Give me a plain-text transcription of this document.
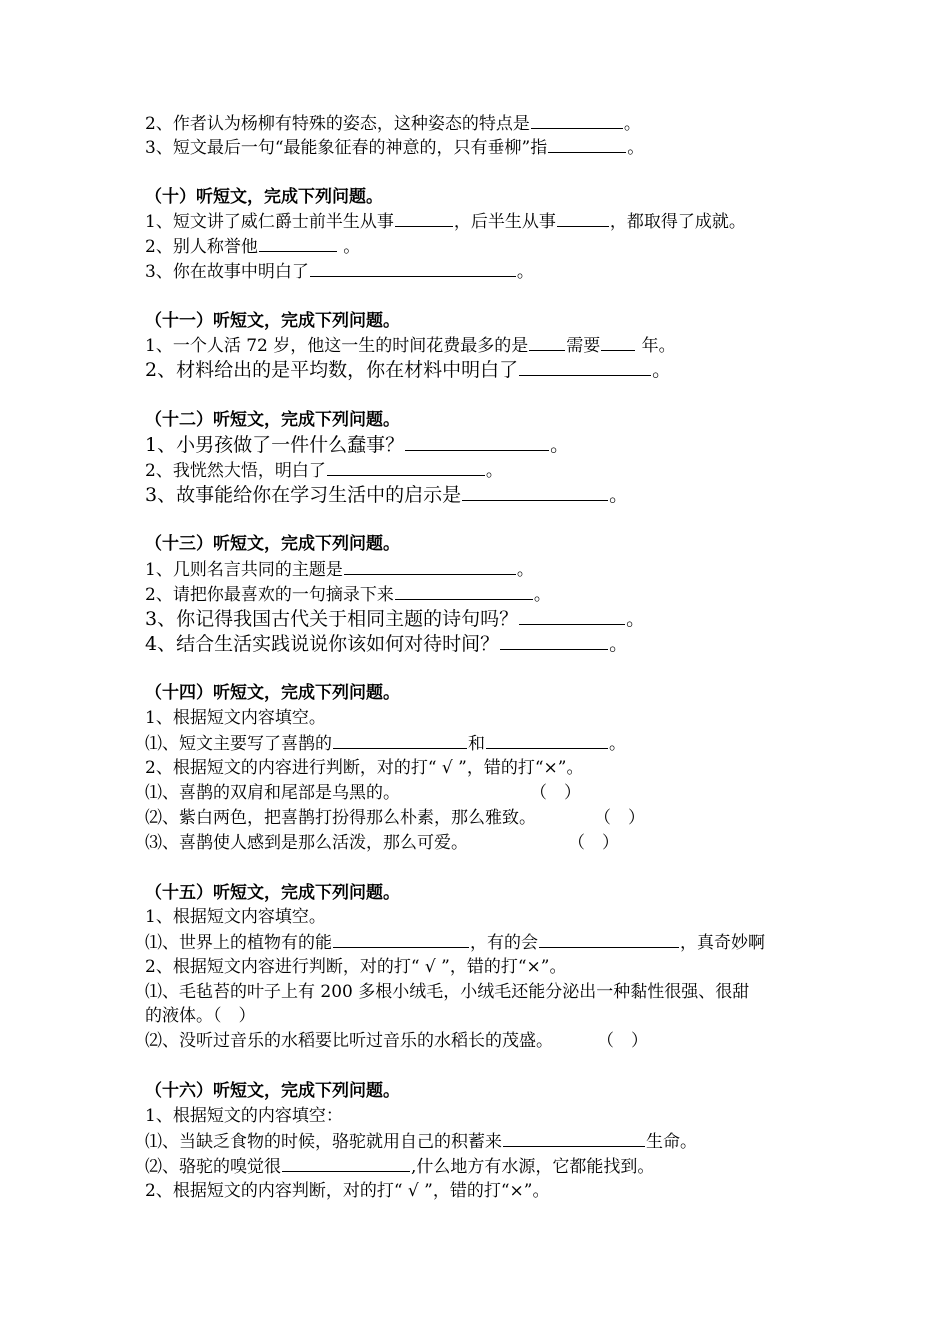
2、作者认为杨柳有特殊的姿态，这种姿态的特点是	。
3、短文最后一句“最能象征春的神意的，只有垂柳”指	。
（十）听短文，完成下列问题。
1、短文讲了威仁爵士前半生从事	，后半生从事	，都取得了成就。
2、别人称誉他	。
3、你在故事中明白了	。
（十一）听短文，完成下列问题。
1、一个人活 72 岁，他这一生的时间花费最多的是 需要 年。
2、材料给出的是平均数，你在材料中明白了	。
（十二）听短文，完成下列问题。
1、小男孩做了一件什么蠢事？	。
2、我恍然大悟，明白了	。
3、故事能给你在学习生活中的启示是	。
（十三）听短文，完成下列问题。
1、几则名言共同的主题是	。
2、请把你最喜欢的一句摘录下来	。
3、你记得我国古代关于相同主题的诗句吗？	。
4、结合生活实践说说你该如何对待时间？	。
（十四）听短文，完成下列问题。
1、根据短文内容填空。
⑴、短文主要写了喜鹊的	和	。
2、根据短文的内容进行判断，对的打“ √ ”，错的打“×”。
⑴、喜鹊的双肩和尾部是乌黑的。	（　）
⑵、紫白两色，把喜鹊打扮得那么朴素，那么雅致。	（　）
⑶、喜鹊使人感到是那么活泼，那么可爱。	（　）
（十五）听短文，完成下列问题。
1、根据短文内容填空。
⑴、世界上的植物有的能	，有的会	，真奇妙啊
2、根据短文内容进行判断，对的打“ √ ”，错的打“×”。
⑴、毛毡苔的叶子上有 200 多根小绒毛，小绒毛还能分泌出一种黏性很强、很甜
的液体。（　）
⑵、没听过音乐的水稻要比听过音乐的水稻长的茂盛。	（　）
（十六）听短文，完成下列问题。
1、根据短文的内容填空：
⑴、当缺乏食物的时候，骆驼就用自己的积蓄来	生命。
⑵、骆驼的嗅觉很	,什么地方有水源，它都能找到。
2、根据短文的内容判断，对的打“ √ ”，错的打“×”。
